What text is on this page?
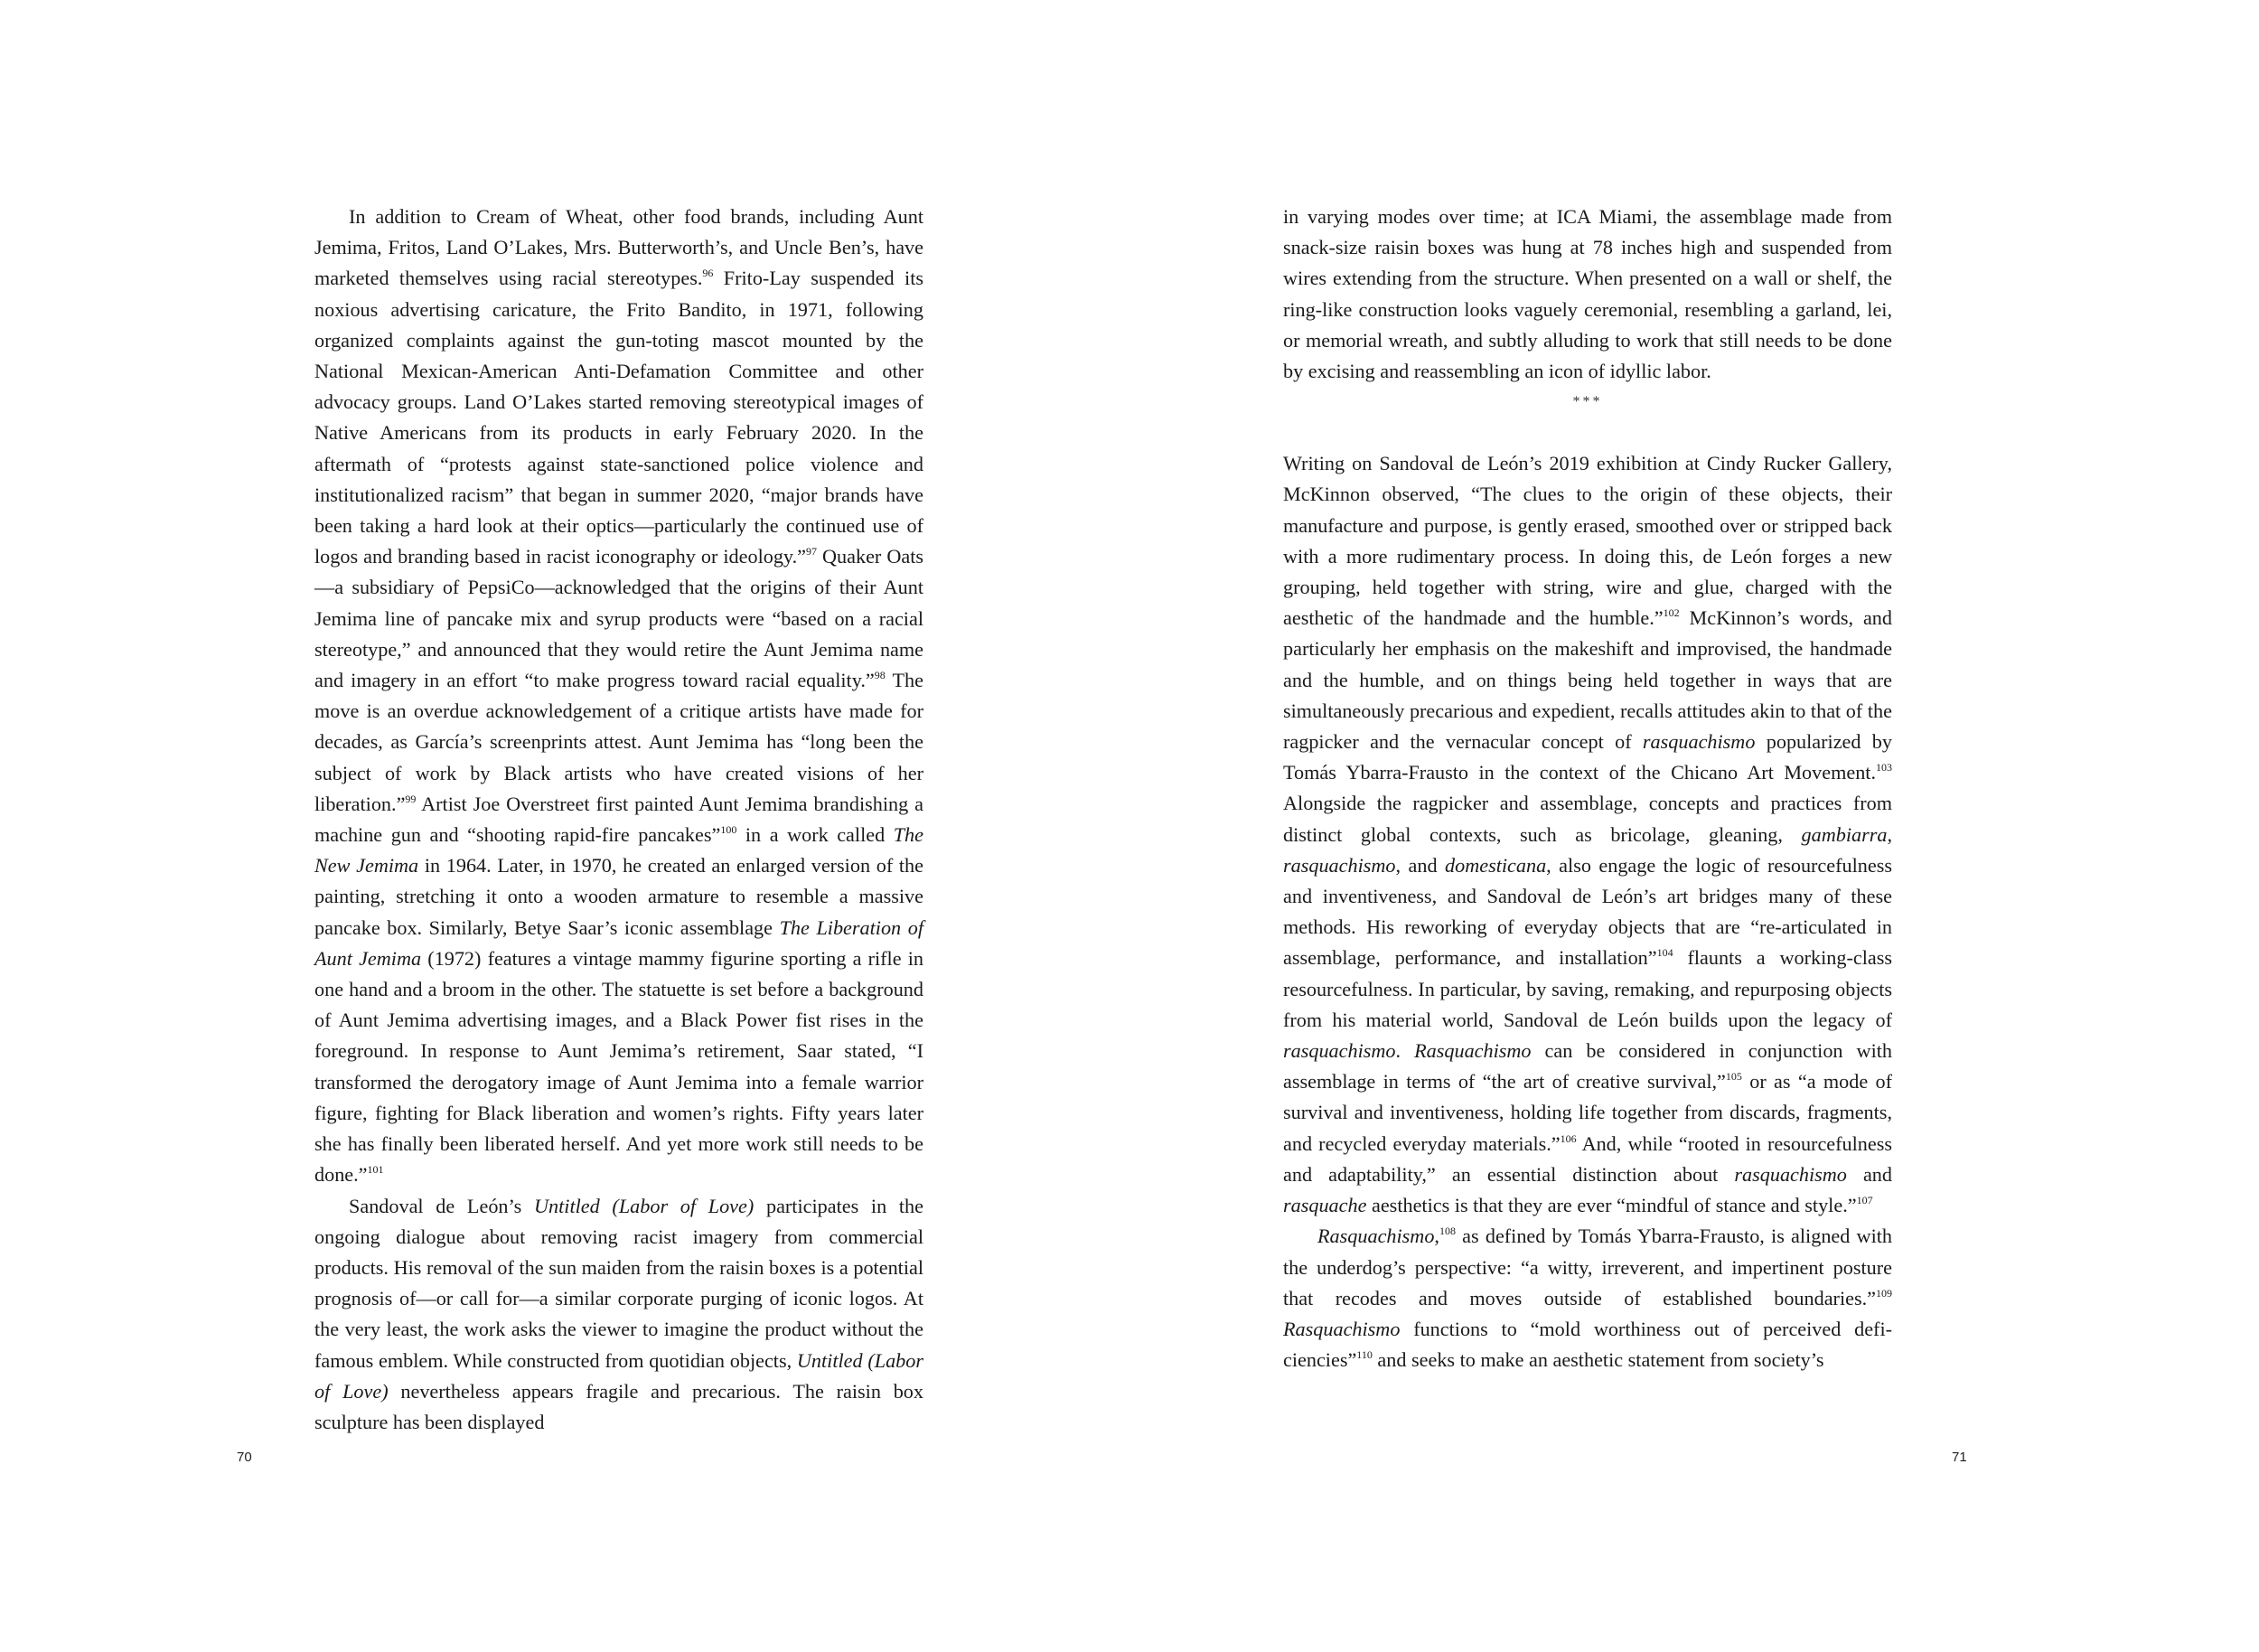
In addition to Cream of Wheat, other food brands, including Aunt Jemima, Fritos, Land O’Lakes, Mrs. Butterworth’s, and Uncle Ben’s, have marketed themselves using racial stereotypes.$^{96}$ Frito-Lay suspended its noxious advertising caricature, the Frito Bandito, in 1971, following organized complaints against the gun-toting mascot mounted by the National Mexican-American Anti-Defamation Committee and other advocacy groups. Land O’Lakes started removing stereotypical images of Native Americans from its products in early February 2020. In the aftermath of “protests against state-sanctioned police violence and institutionalized racism” that began in summer 2020, “major brands have been taking a hard look at their optics—particularly the continued use of logos and branding based in racist iconography or ideology.”$^{97}$ Quaker Oats—a subsidiary of PepsiCo—acknowledged that the origins of their Aunt Jemima line of pancake mix and syrup products were “based on a racial stereotype,” and announced that they would retire the Aunt Jemima name and imagery in an effort “to make progress toward racial equality.”$^{98}$ The move is an overdue acknowledgement of a critique artists have made for decades, as García’s screenprints attest. Aunt Jemima has “long been the subject of work by Black artists who have created visions of her liberation.”$^{99}$ Artist Joe Overstreet first painted Aunt Jemima brandishing a machine gun and “shooting rapid-fire pancakes”$^{100}$ in a work called The New Jemima in 1964. Later, in 1970, he created an enlarged version of the painting, stretching it onto a wooden armature to resemble a massive pancake box. Similarly, Betye Saar’s iconic assemblage The Liberation of Aunt Jemima (1972) features a vintage mammy figurine sporting a rifle in one hand and a broom in the other. The statuette is set before a background of Aunt Jemima advertising images, and a Black Power fist rises in the foreground. In response to Aunt Jemima’s retirement, Saar stated, “I transformed the derogatory image of Aunt Jemima into a female warrior figure, fighting for Black liberation and women’s rights. Fifty years later she has finally been liberated herself. And yet more work still needs to be done.”$^{101}$

Sandoval de León’s Untitled (Labor of Love) participates in the ongoing dialogue about removing racist imagery from commercial products. His removal of the sun maiden from the raisin boxes is a potential prognosis of—or call for—a similar corporate purging of iconic logos. At the very least, the work asks the viewer to imagine the product without the famous emblem. While constructed from quotidian objects, Untitled (Labor of Love) nevertheless appears fragile and precarious. The raisin box sculpture has been displayed

70

in varying modes over time; at ICA Miami, the assemblage made from snack-size raisin boxes was hung at 78 inches high and suspended from wires extending from the structure. When presented on a wall or shelf, the ring-like construction looks vaguely ceremonial, resembling a garland, lei, or memorial wreath, and subtly alluding to work that still needs to be done by excising and reassembling an icon of idyllic labor.

***

Writing on Sandoval de León’s 2019 exhibition at Cindy Rucker Gallery, McKinnon observed, “The clues to the origin of these objects, their manufacture and purpose, is gently erased, smoothed over or stripped back with a more rudimentary process. In doing this, de León forges a new grouping, held together with string, wire and glue, charged with the aesthetic of the handmade and the humble.”$^{102}$ McKinnon’s words, and particularly her emphasis on the makeshift and improvised, the handmade and the humble, and on things being held together in ways that are simultaneously precarious and expedient, recalls attitudes akin to that of the ragpicker and the vernacular concept of rasquachismo popularized by Tomás Ybarra-Frausto in the context of the Chicano Art Movement.$^{103}$ Alongside the ragpicker and assemblage, concepts and practices from distinct global contexts, such as bricolage, gleaning, gambiarra, rasquachismo, and domesticana, also engage the logic of resourcefulness and inventiveness, and Sandoval de León’s art bridges many of these methods. His reworking of everyday objects that are “re-articulated in assemblage, performance, and installation”$^{104}$ flaunts a working-class resourcefulness. In particular, by saving, remaking, and repurposing objects from his material world, Sandoval de León builds upon the legacy of rasquachismo. Rasquachismo can be considered in conjunction with assemblage in terms of “the art of creative survival,”$^{105}$ or as “a mode of survival and inventiveness, holding life together from discards, fragments, and recycled everyday materials.”$^{106}$ And, while “rooted in resourcefulness and adaptability,” an essential distinction about rasquachismo and rasquache aesthetics is that they are ever “mindful of stance and style.”$^{107}$

Rasquachismo,$^{108}$ as defined by Tomás Ybarra-Frausto, is aligned with the underdog’s perspective: “a witty, irreverent, and impertinent posture that recodes and moves outside of established boundaries.”$^{109}$ Rasquachismo functions to “mold worthiness out of perceived deficiencies”$^{110}$ and seeks to make an aesthetic statement from society’s

71
